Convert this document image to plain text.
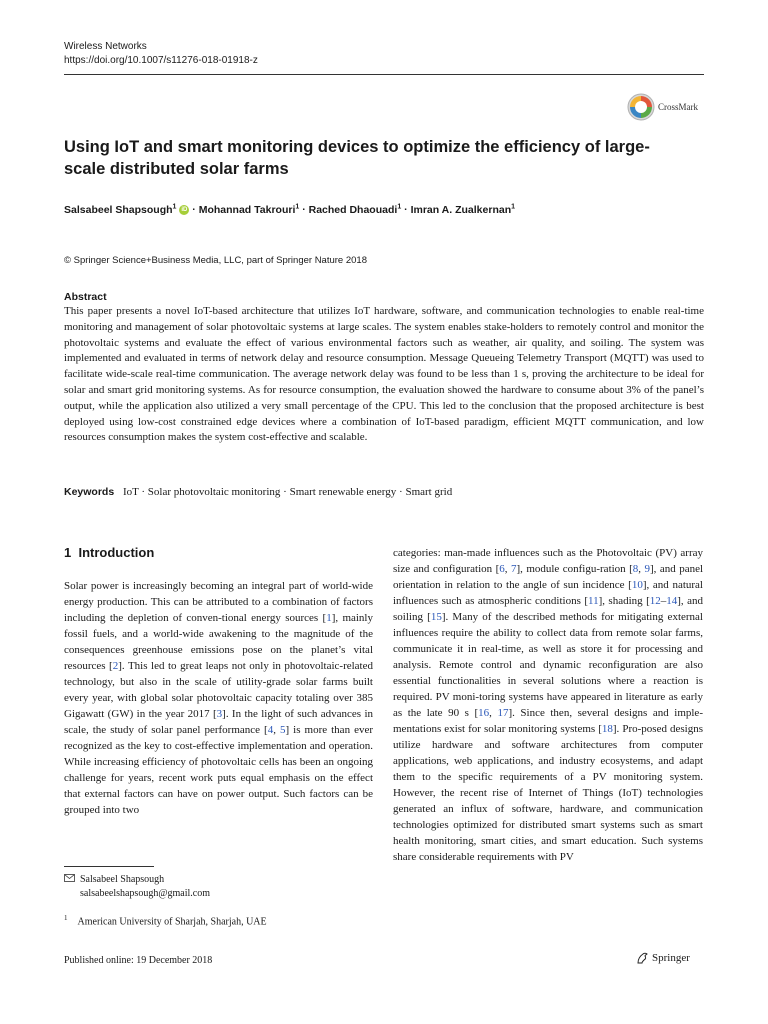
Wireless Networks
https://doi.org/10.1007/s11276-018-01918-z
CrossMark
Using IoT and smart monitoring devices to optimize the efficiency of large-scale distributed solar farms
Salsabeel Shapsough$^1$ iD · Mohannad Takrouri$^1$ · Rached Dhaouadi$^1$ · Imran A. Zualkernan$^1$
© Springer Science+Business Media, LLC, part of Springer Nature 2018
Abstract
This paper presents a novel IoT-based architecture that utilizes IoT hardware, software, and communication technologies to enable real-time monitoring and management of solar photovoltaic systems at large scales. The system enables stake-holders to remotely control and monitor the photovoltaic systems and evaluate the effect of various environmental factors such as weather, air quality, and soiling. The system was implemented and evaluated in terms of network delay and resource consumption. Message Queueing Telemetry Transport (MQTT) was used to facilitate wide-scale real-time communication. The average network delay was found to be less than 1 s, proving the architecture to be ideal for solar and smart grid monitoring systems. As for resource consumption, the evaluation showed the hardware to consume about 3% of the panel’s output, while the application also utilized a very small percentage of the CPU. This led to the conclusion that the proposed architecture is best deployed using low-cost constrained edge devices where a combination of IoT-based paradigm, efficient MQTT communication, and low resources consumption makes the system cost-effective and scalable.
Keywords IoT · Solar photovoltaic monitoring · Smart renewable energy · Smart grid
1 Introduction
Solar power is increasingly becoming an integral part of world-wide energy production. This can be attributed to a combination of factors including the depletion of conven-tional energy sources [1], mainly fossil fuels, and a world-wide awakening to the magnitude of the consequences greenhouse emissions pose on the planet’s vital resources [2]. This led to great leaps not only in photovoltaic-related technology, but also in the scale of utility-grade solar farms built every year, with global solar photovoltaic capacity totaling over 385 Gigawatt (GW) in the year 2017 [3]. In the light of such advances in scale, the study of solar panel performance [4, 5] is more than ever recognized as the key to cost-effective implementation and operation. While increasing efficiency of photovoltaic cells has been an ongoing challenge for years, recent work puts equal emphasis on the effect that external factors can have on power output. Such factors can be grouped into two
categories: man-made influences such as the Photovoltaic (PV) array size and configuration [6, 7], module configu-ration [8, 9], and panel orientation in relation to the angle of sun incidence [10], and natural influences such as atmospheric conditions [11], shading [12–14], and soiling [15]. Many of the described methods for mitigating external influences require the ability to collect data from remote solar farms, communicate it in real-time, as well as store it for processing and analysis. Remote control and dynamic reconfiguration are also essential functionalities in several solutions where a reaction is required. PV moni-toring systems have appeared in literature as early as the late 90 s [16, 17]. Since then, several designs and imple-mentations exist for solar monitoring systems [18]. Pro-posed designs utilize hardware and software architectures from computer applications, web applications, and industry ecosystems, and adapt them to the specific requirements of a PV monitoring system. However, the recent rise of Internet of Things (IoT) technologies generated an influx of software, hardware, and communication technologies optimized for distributed smart systems such as smart health monitoring, smart cities, and smart education. Such systems share considerable requirements with PV
Salsabeel Shapsough
salsabeelshapsough@gmail.com
$^1$ American University of Sharjah, Sharjah, UAE
Published online: 19 December 2018	Springer
